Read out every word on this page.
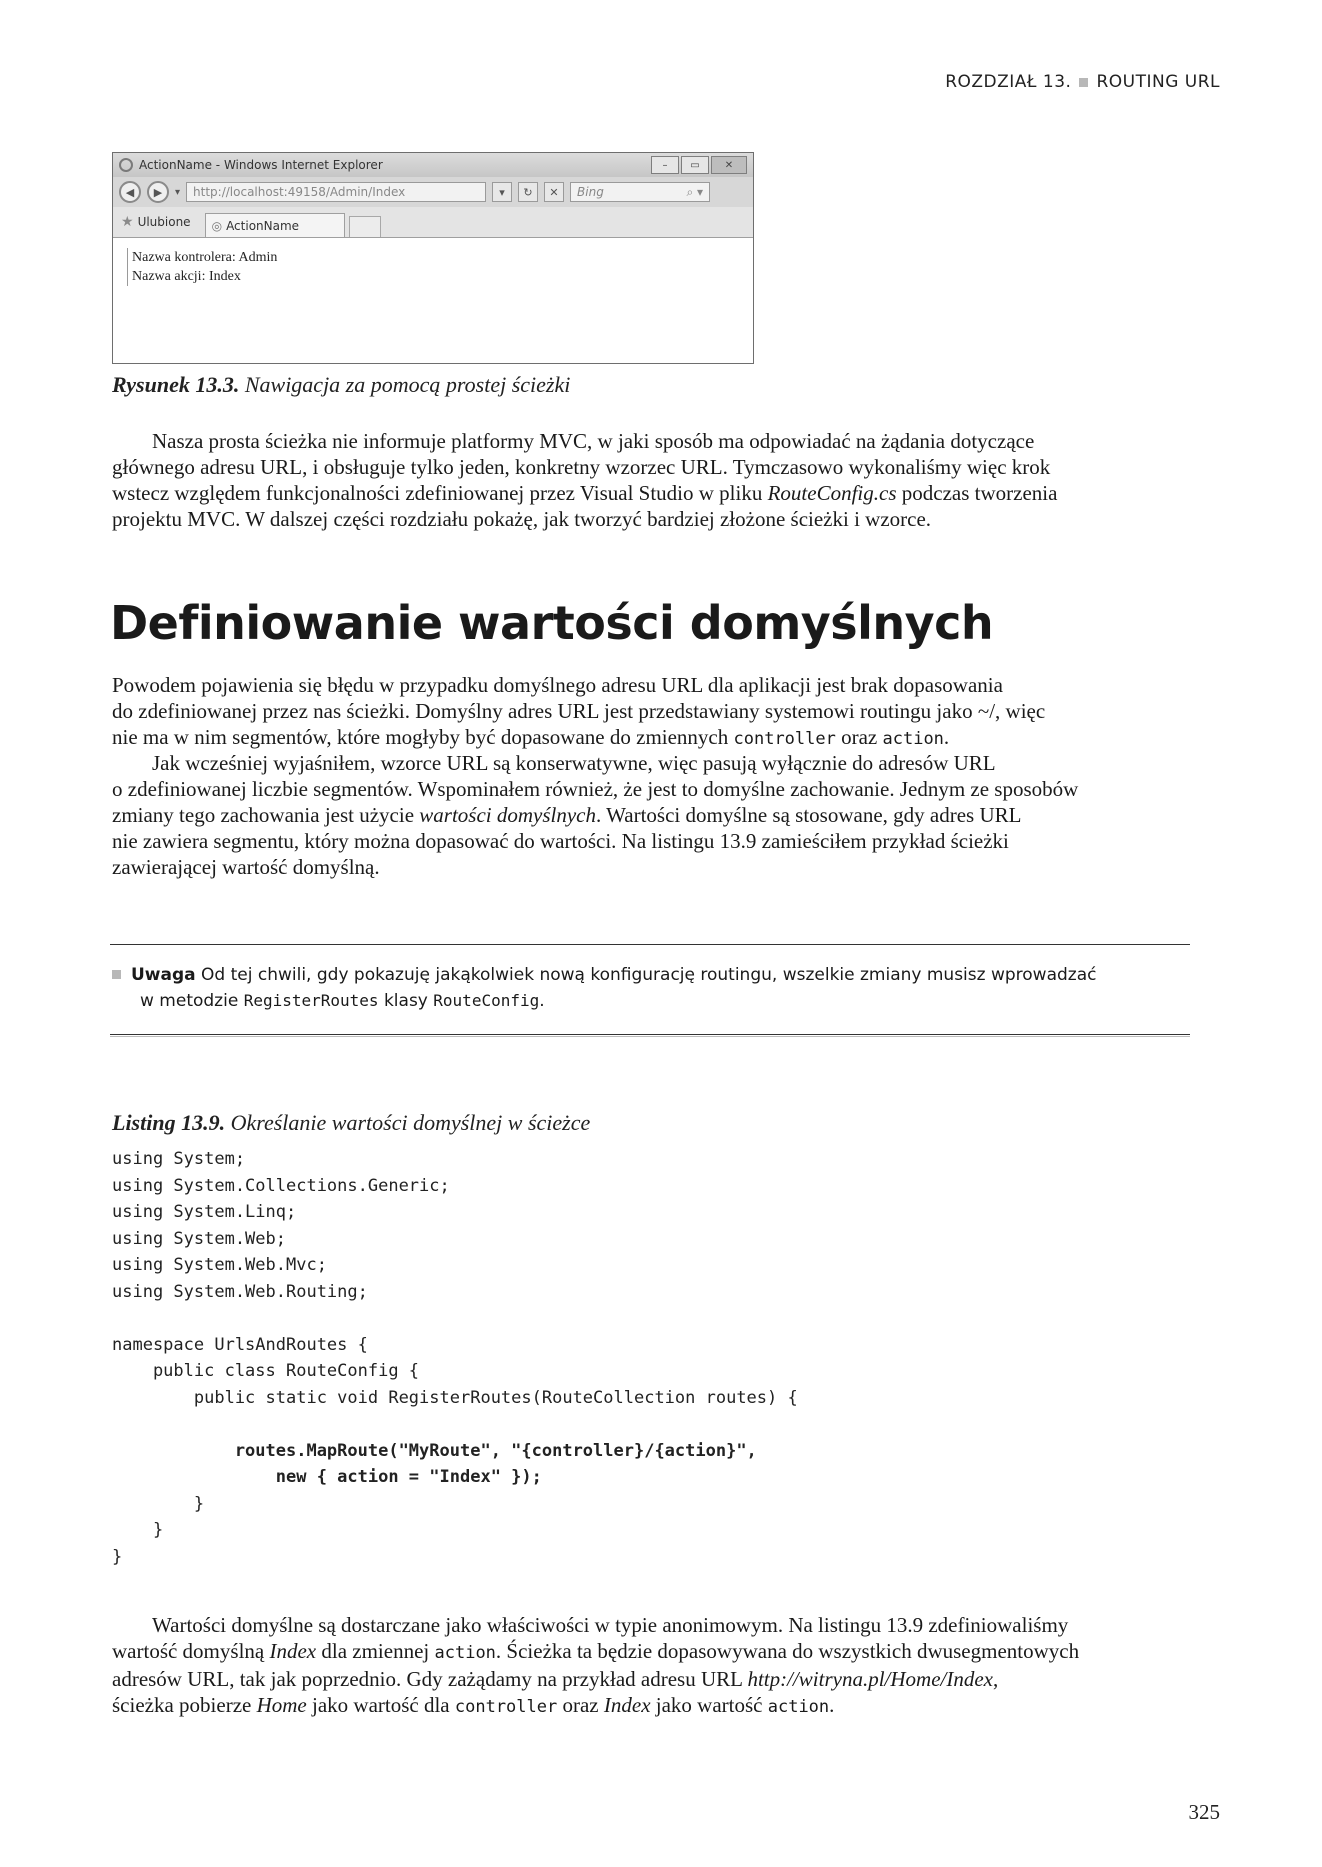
ROZDZIAŁ 13. ROUTING URL
ActionName - Windows Internet Explorer	–	▭	✕
◀	▶	▾ http://localhost:49158/Admin/Index	▾	↻	✕	Bing	⌕ ▾
★ Ulubione ◎ ActionName
Nazwa kontrolera: Admin
Nazwa akcji: Index
Rysunek 13.3. Nawigacja za pomocą prostej ścieżki
Nasza prosta ścieżka nie informuje platformy MVC, w jaki sposób ma odpowiadać na żądania dotyczące
głównego adresu URL, i obsługuje tylko jeden, konkretny wzorzec URL. Tymczasowo wykonaliśmy więc krok
wstecz względem funkcjonalności zdefiniowanej przez Visual Studio w pliku RouteConfig.cs podczas tworzenia
projektu MVC. W dalszej części rozdziału pokażę, jak tworzyć bardziej złożone ścieżki i wzorce.
Definiowanie wartości domyślnych
Powodem pojawienia się błędu w przypadku domyślnego adresu URL dla aplikacji jest brak dopasowania
do zdefiniowanej przez nas ścieżki. Domyślny adres URL jest przedstawiany systemowi routingu jako ~/, więc
nie ma w nim segmentów, które mogłyby być dopasowane do zmiennych controller oraz action.
Jak wcześniej wyjaśniłem, wzorce URL są konserwatywne, więc pasują wyłącznie do adresów URL
o zdefiniowanej liczbie segmentów. Wspominałem również, że jest to domyślne zachowanie. Jednym ze sposobów
zmiany tego zachowania jest użycie wartości domyślnych. Wartości domyślne są stosowane, gdy adres URL
nie zawiera segmentu, który można dopasować do wartości. Na listingu 13.9 zamieściłem przykład ścieżki
zawierającej wartość domyślną.
Uwaga Od tej chwili, gdy pokazuję jakąkolwiek nową konfigurację routingu, wszelkie zmiany musisz wprowadzać
w metodzie RegisterRoutes klasy RouteConfig.
Listing 13.9. Określanie wartości domyślnej w ścieżce
using System;
using System.Collections.Generic;
using System.Linq;
using System.Web;
using System.Web.Mvc;
using System.Web.Routing;
namespace UrlsAndRoutes {
public class RouteConfig {
public static void RegisterRoutes(RouteCollection routes) {
routes.MapRoute("MyRoute", "{controller}/{action}",
new { action = "Index" });
}
}
}
Wartości domyślne są dostarczane jako właściwości w typie anonimowym. Na listingu 13.9 zdefiniowaliśmy
wartość domyślną Index dla zmiennej action. Ścieżka ta będzie dopasowywana do wszystkich dwusegmentowych
adresów URL, tak jak poprzednio. Gdy zażądamy na przykład adresu URL http://witryna.pl/Home/Index,
ścieżka pobierze Home jako wartość dla controller oraz Index jako wartość action.
325
